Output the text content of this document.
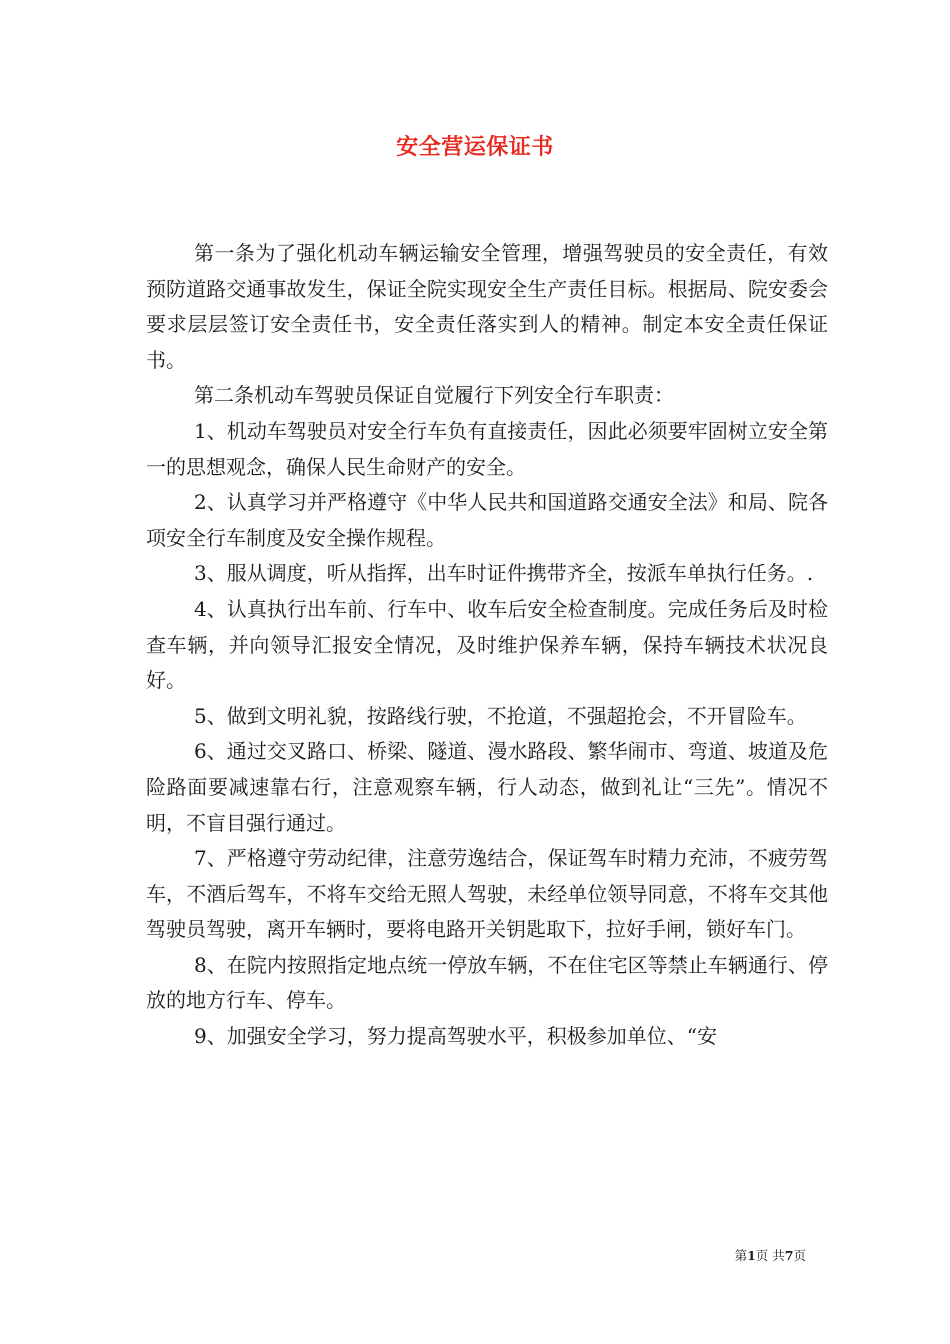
安全营运保证书

第一条为了强化机动车辆运输安全管理，增强驾驶员的安全责任，有效预防道路交通事故发生，保证全院实现安全生产责任目标。根据局、院安委会要求层层签订安全责任书，安全责任落实到人的精神。制定本安全责任保证书。

第二条机动车驾驶员保证自觉履行下列安全行车职责：

1、机动车驾驶员对安全行车负有直接责任，因此必须要牢固树立安全第一的思想观念，确保人民生命财产的安全。

2、认真学习并严格遵守《中华人民共和国道路交通安全法》和局、院各项安全行车制度及安全操作规程。

3、服从调度，听从指挥，出车时证件携带齐全，按派车单执行任务。.

4、认真执行出车前、行车中、收车后安全检查制度。完成任务后及时检查车辆，并向领导汇报安全情况，及时维护保养车辆，保持车辆技术状况良好。

5、做到文明礼貌，按路线行驶，不抢道，不强超抢会，不开冒险车。

6、通过交叉路口、桥梁、隧道、漫水路段、繁华闹市、弯道、坡道及危险路面要减速靠右行，注意观察车辆，行人动态，做到礼让“三先”。情况不明，不盲目强行通过。

7、严格遵守劳动纪律，注意劳逸结合，保证驾车时精力充沛，不疲劳驾车，不酒后驾车，不将车交给无照人驾驶，未经单位领导同意，不将车交其他驾驶员驾驶，离开车辆时，要将电路开关钥匙取下，拉好手闸，锁好车门。

8、在院内按照指定地点统一停放车辆，不在住宅区等禁止车辆通行、停放的地方行车、停车。

9、加强安全学习，努力提高驾驶水平，积极参加单位、“安

第1页 共7页
